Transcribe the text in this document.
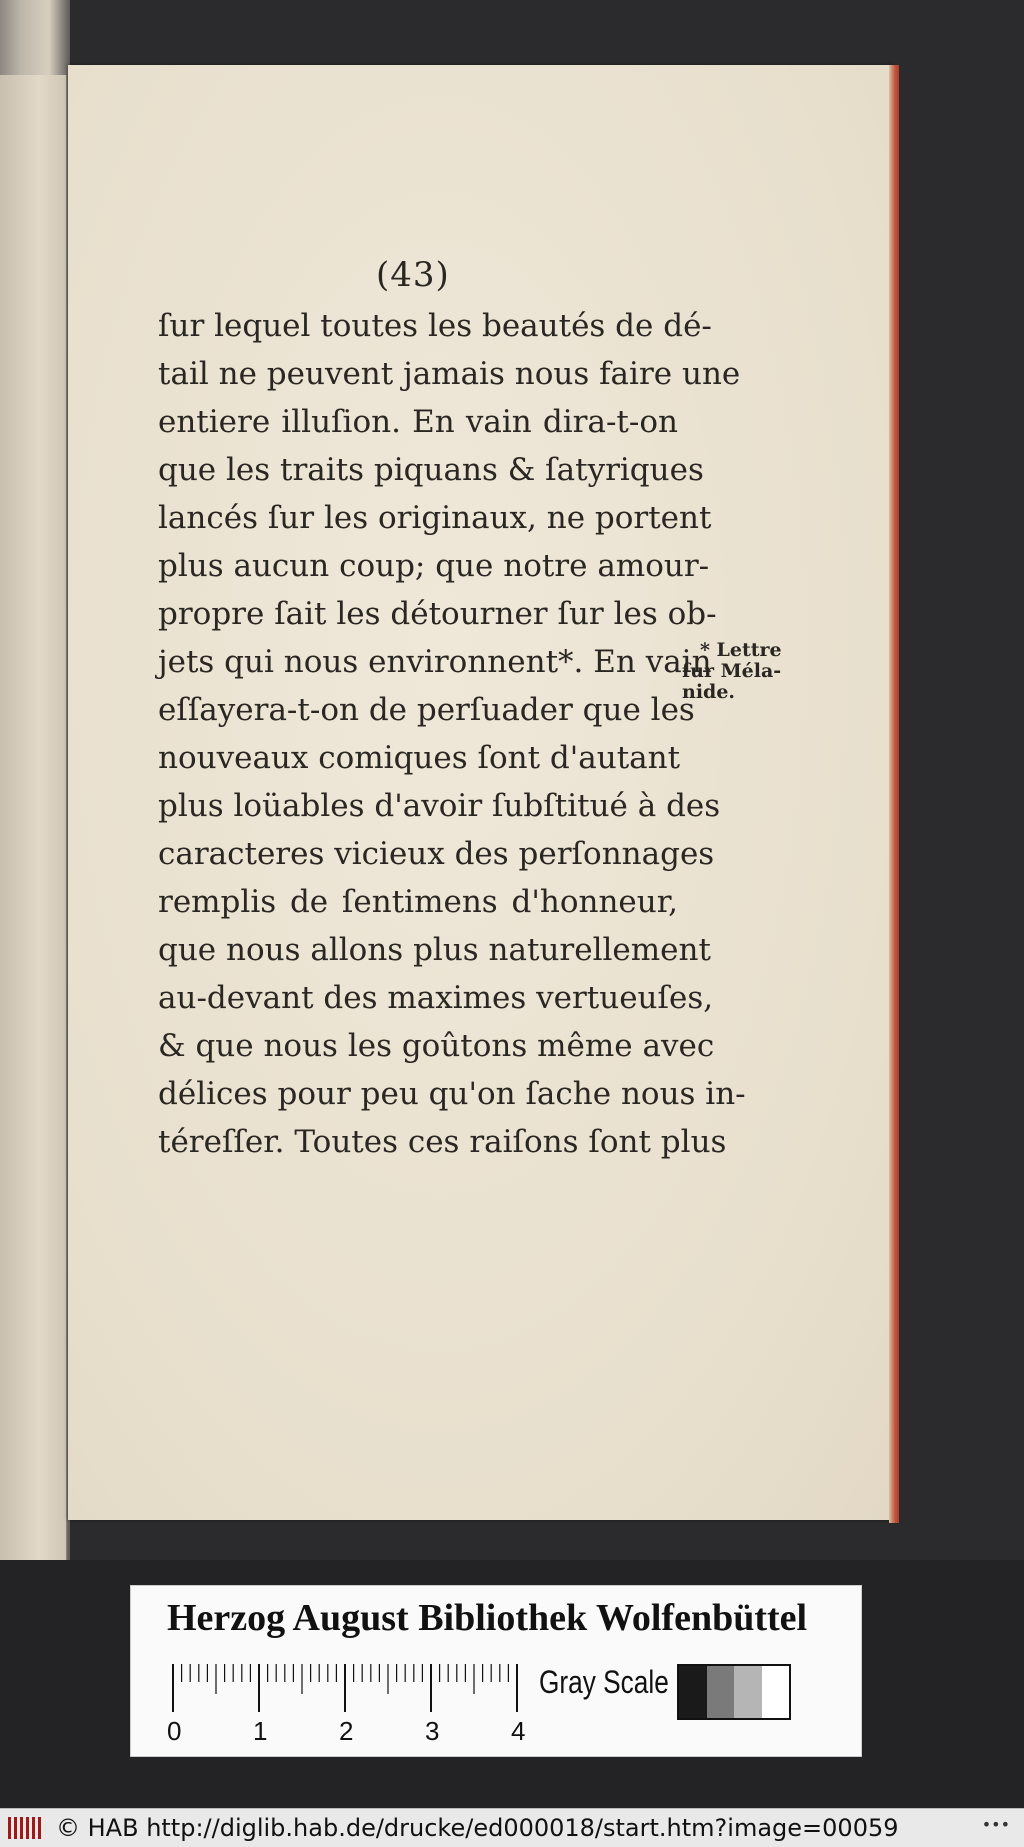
(43)
ſur lequel toutes les beautés de dé-
tail ne peuvent jamais nous faire une
entiere illuſion. En vain dira-t-on
que les traits piquans & ſatyriques
lancés ſur les originaux, ne portent
plus aucun coup; que notre amour-
propre ſait les détourner ſur les ob-
jets qui nous environnent*. En vain
eſſayera-t-on de perſuader que les
nouveaux comiques ſont d'autant
plus loüables d'avoir ſubſtitué à des
caracteres vicieux des perſonnages
remplis de ſentimens d'honneur,
que nous allons plus naturellement
au-devant des maximes vertueuſes,
& que nous les goûtons même avec
délices pour peu qu'on ſache nous in-
téreſſer. Toutes ces raiſons ſont plus
* Lettre
ſur Méla-
nide.
Herzog August Bibliothek Wolfenbüttel
0	1	2	3	4
Gray Scale
© HAB http://diglib.hab.de/drucke/ed000018/start.htm?image=00059	•••
